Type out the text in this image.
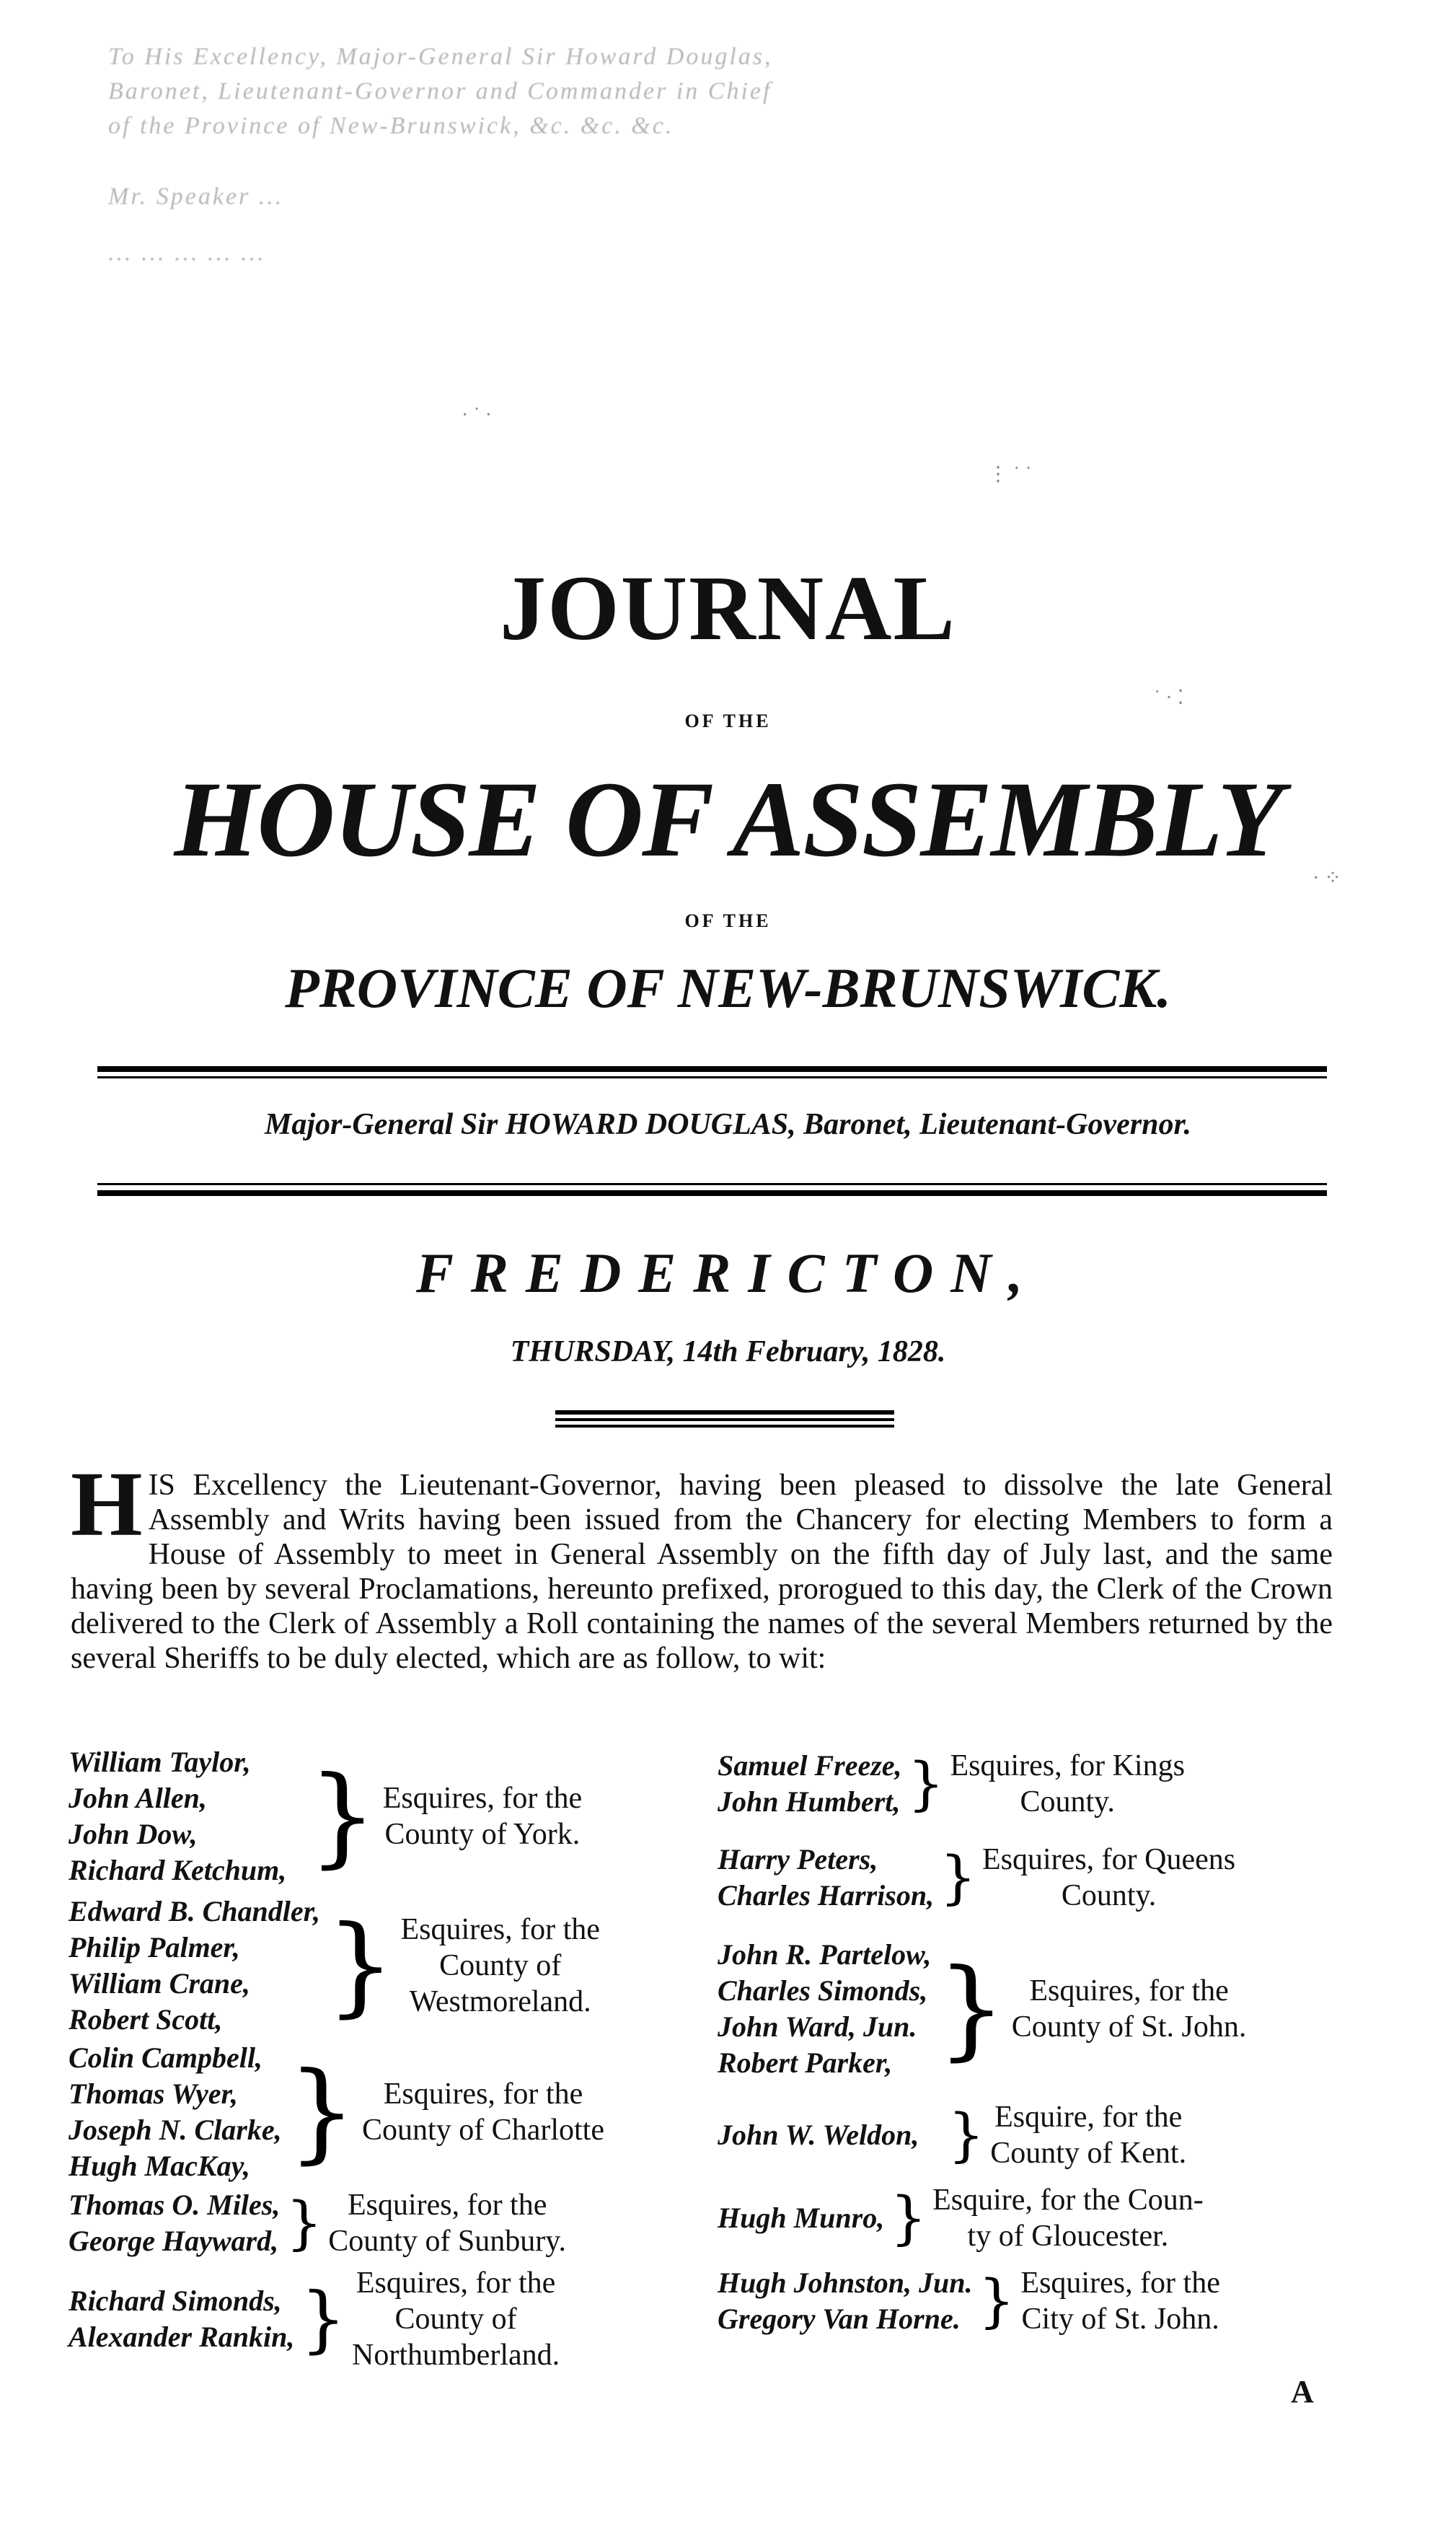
To His Excellency, Major-General Sir Howard Douglas,
Baronet, Lieutenant-Governor and Commander in Chief
of the Province of New-Brunswick, &c. &c. &c.
Mr. Speaker ...
... ... ... ... ...
⋮ ˙ ˙
˙ · ⁚
· ⁘
· ˙ ·
JOURNAL
OF THE
HOUSE OF ASSEMBLY
OF THE
PROVINCE OF NEW-BRUNSWICK.
Major-General Sir HOWARD DOUGLAS, Baronet, Lieutenant-Governor.
FREDERICTON,
THURSDAY, 14th February, 1828.
H IS Excellency the Lieutenant-Governor, having been pleased to dissolve the late General Assembly and Writs having been issued from the Chancery for electing Members to form a House of Assembly to meet in General Assembly on the fifth day of July last, and the same having been by several Proclamations, hereunto prefixed, prorogued to this day, the Clerk of the Crown delivered to the Clerk of Assembly a Roll containing the names of the several Members returned by the several Sheriffs to be duly elected, which are as follow, to wit:
William Taylor,
John Allen,
John Dow,
Richard Ketchum, } Esquires, for the
County of York.
Edward B. Chandler,
Philip Palmer,
William Crane,
Robert Scott, } Esquires, for the
County of
Westmoreland.
Colin Campbell,
Thomas Wyer,
Joseph N. Clarke,
Hugh MacKay, } Esquires, for the
County of Charlotte
Thomas O. Miles,
George Hayward, } Esquires, for the
County of Sunbury.
Richard Simonds,
Alexander Rankin, } Esquires, for the
County of
Northumberland.
Samuel Freeze,
John Humbert, } Esquires, for Kings
County.
Harry Peters,
Charles Harrison, } Esquires, for Queens
County.
John R. Partelow,
Charles Simonds,
John Ward, Jun.
Robert Parker, } Esquires, for the
County of St. John.
John W. Weldon, } Esquire, for the
County of Kent.
Hugh Munro, } Esquire, for the Coun-
ty of Gloucester.
Hugh Johnston, Jun.
Gregory Van Horne. } Esquires, for the
City of St. John.
A
